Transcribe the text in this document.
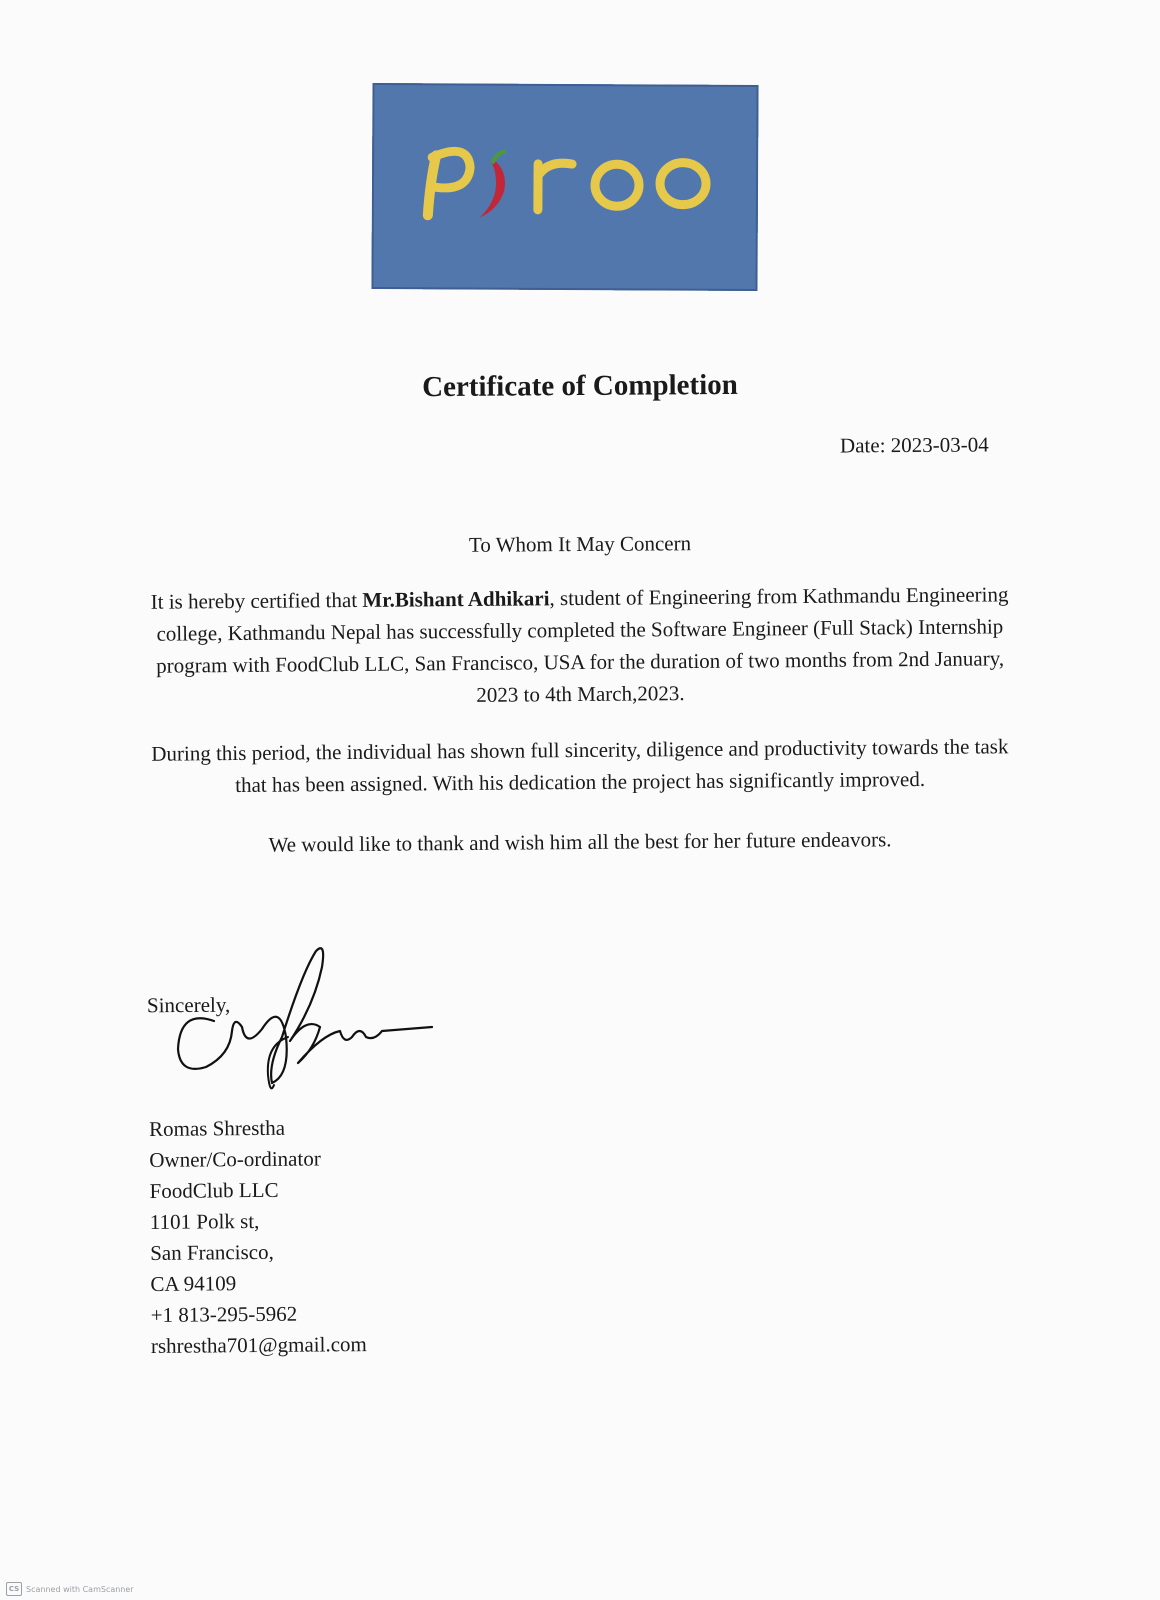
Certificate of Completion
Date: 2023-03-04
To Whom It May Concern
It is hereby certified that Mr.Bishant Adhikari, student of Engineering from Kathmandu Engineering college, Kathmandu Nepal has successfully completed the Software Engineer (Full Stack) Internship program with FoodClub LLC, San Francisco, USA for the duration of two months from 2nd January, 2023 to 4th March,2023.
During this period, the individual has shown full sincerity, diligence and productivity towards the task that has been assigned. With his dedication the project has significantly improved.
We would like to thank and wish him all the best for her future endeavors.
Sincerely,
Romas Shrestha
Owner/Co-ordinator
FoodClub LLC
1101 Polk st,
San Francisco,
CA 94109
+1 813-295-5962
rshrestha701@gmail.com
CS Scanned with CamScanner
